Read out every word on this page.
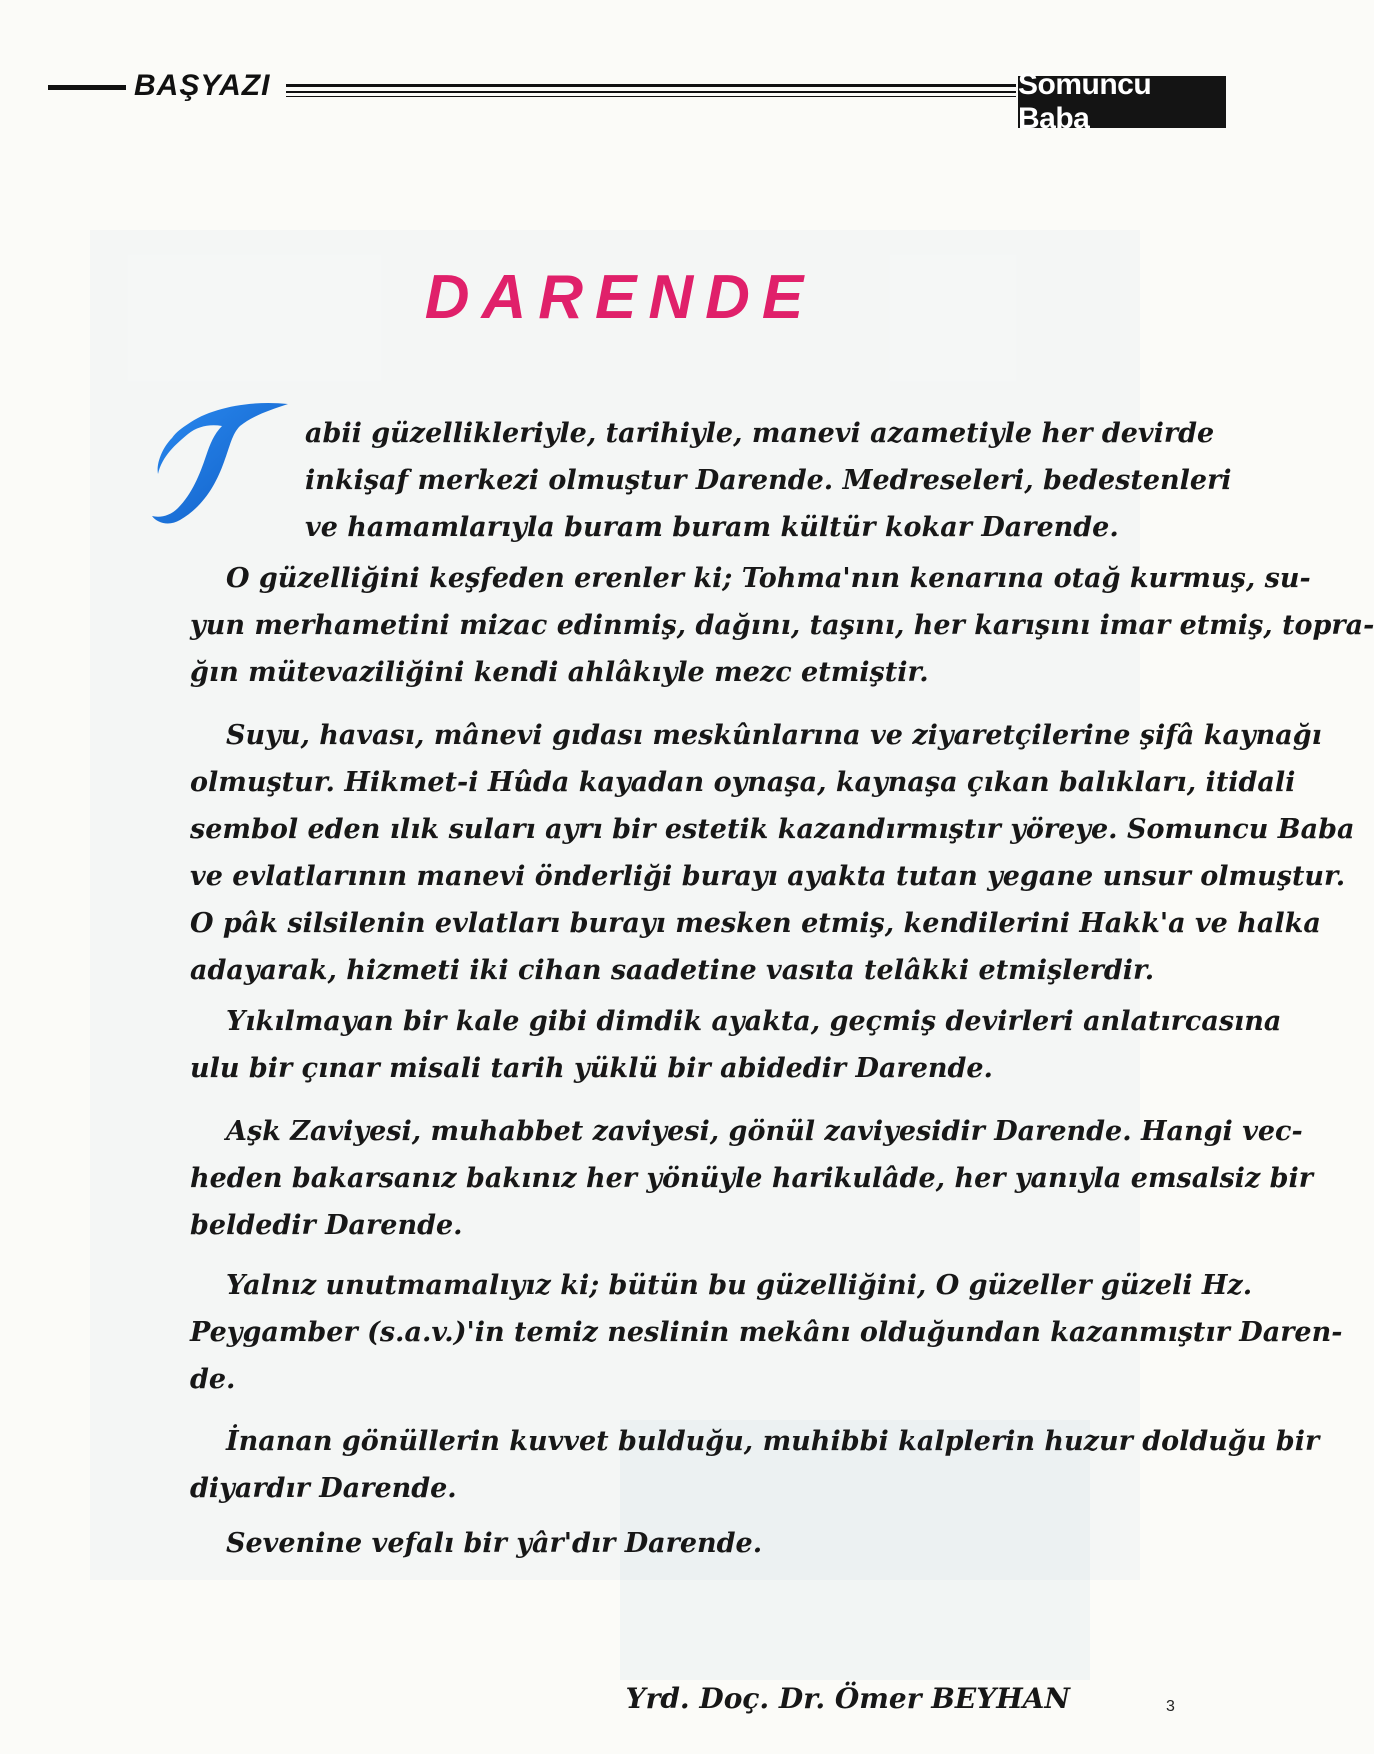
BAŞYAZI	Somuncu Baba
DARENDE
abii güzellikleriyle, tarihiyle, manevi azametiyle her devirde
inkişaf merkezi olmuştur Darende. Medreseleri, bedestenleri
ve hamamlarıyla buram buram kültür kokar Darende.
O güzelliğini keşfeden erenler ki; Tohma'nın kenarına otağ kurmuş, su-
yun merhametini mizac edinmiş, dağını, taşını, her karışını imar etmiş, topra-
ğın mütevaziliğini kendi ahlâkıyle mezc etmiştir.
Suyu, havası, mânevi gıdası meskûnlarına ve ziyaretçilerine şifâ kaynağı
olmuştur. Hikmet-i Hûda kayadan oynaşa, kaynaşa çıkan balıkları, itidali
sembol eden ılık suları ayrı bir estetik kazandırmıştır yöreye. Somuncu Baba
ve evlatlarının manevi önderliği burayı ayakta tutan yegane unsur olmuştur.
O pâk silsilenin evlatları burayı mesken etmiş, kendilerini Hakk'a ve halka
adayarak, hizmeti iki cihan saadetine vasıta telâkki etmişlerdir.
Yıkılmayan bir kale gibi dimdik ayakta, geçmiş devirleri anlatırcasına
ulu bir çınar misali tarih yüklü bir abidedir Darende.
Aşk Zaviyesi, muhabbet zaviyesi, gönül zaviyesidir Darende. Hangi vec-
heden bakarsanız bakınız her yönüyle harikulâde, her yanıyla emsalsiz bir
beldedir Darende.
Yalnız unutmamalıyız ki; bütün bu güzelliğini, O güzeller güzeli Hz.
Peygamber (s.a.v.)'in temiz neslinin mekânı olduğundan kazanmıştır Daren-
de.
İnanan gönüllerin kuvvet bulduğu, muhibbi kalplerin huzur dolduğu bir
diyardır Darende.
Sevenine vefalı bir yâr'dır Darende.
Yrd. Doç. Dr. Ömer BEYHAN	3
